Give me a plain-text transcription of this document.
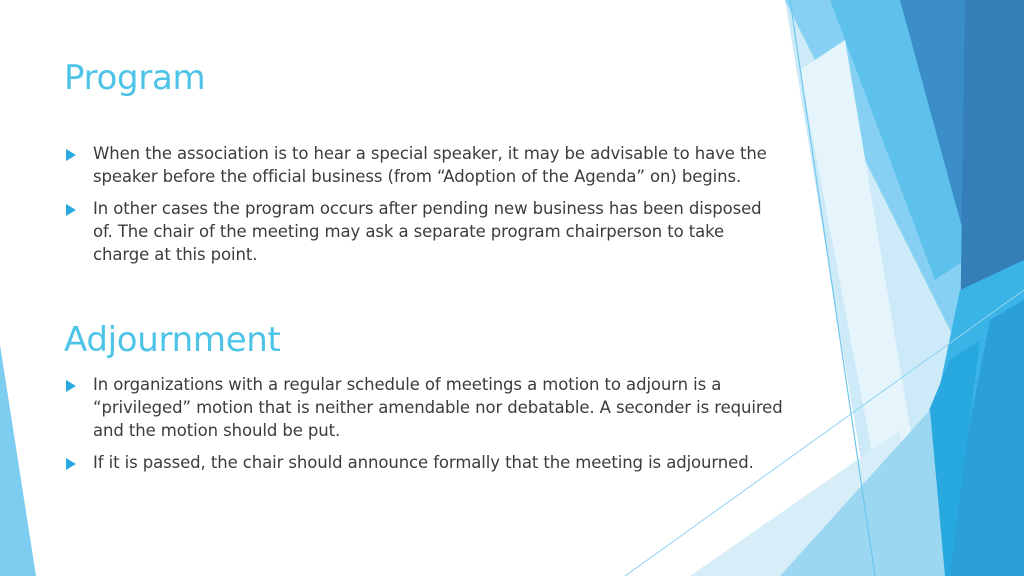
Program
When the association is to hear a special speaker, it may be advisable to have the speaker before the official business (from “Adoption of the Agenda” on) begins.
In other cases the program occurs after pending new business has been disposed of. The chair of the meeting may ask a separate program chairperson to take charge at this point.
Adjournment
In organizations with a regular schedule of meetings a motion to adjourn is a “privileged” motion that is neither amendable nor debatable. A seconder is required and the motion should be put.
If it is passed, the chair should announce formally that the meeting is adjourned.
